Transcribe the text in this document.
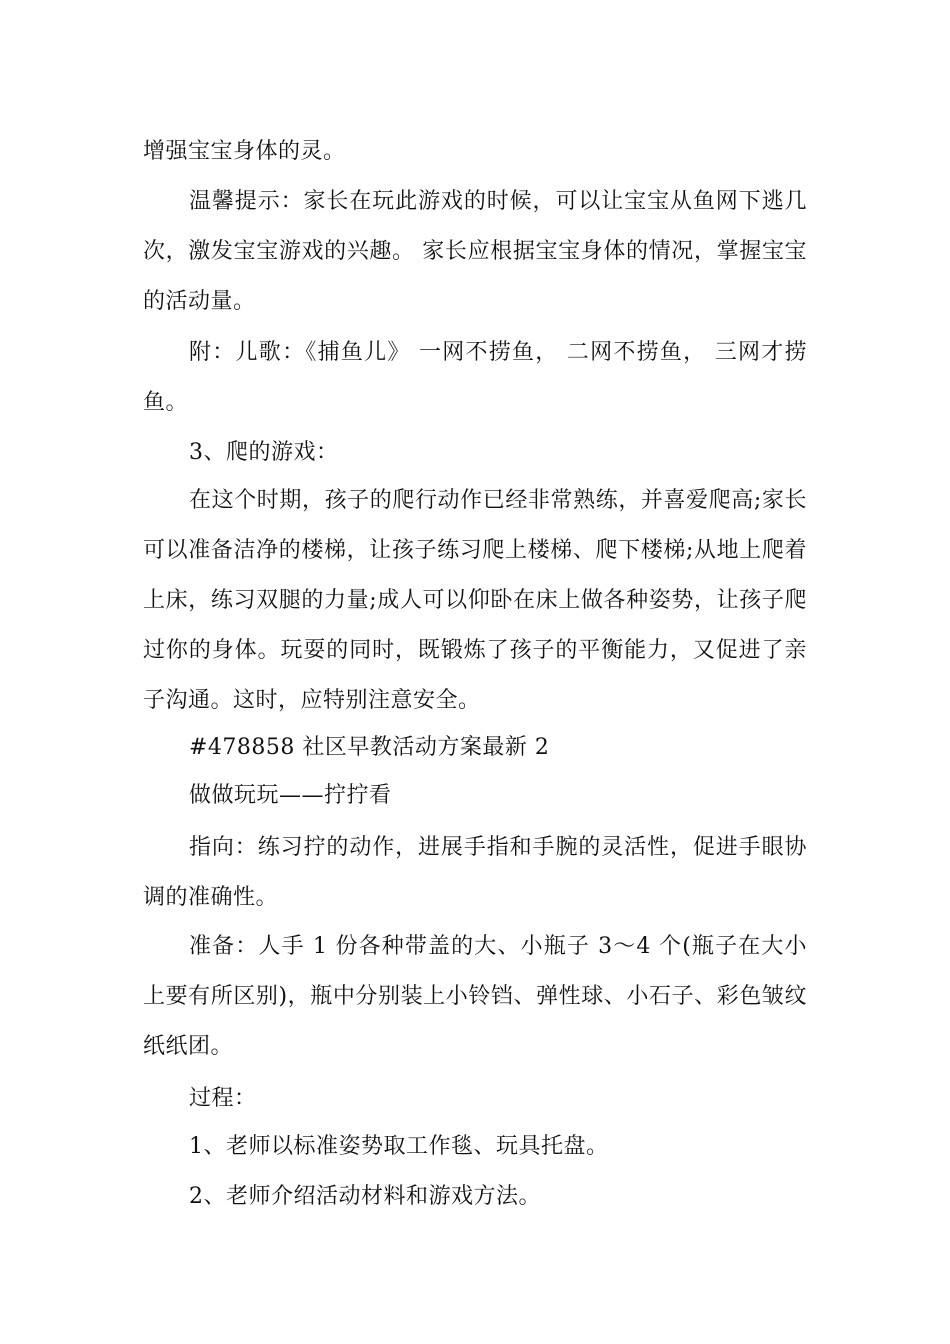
增强宝宝身体的灵。

温馨提示：家长在玩此游戏的时候，可以让宝宝从鱼网下逃几次，激发宝宝游戏的兴趣。 家长应根据宝宝身体的情况，掌握宝宝的活动量。

附：儿歌：《捕鱼儿》 一网不捞鱼， 二网不捞鱼， 三网才捞鱼。

3、爬的游戏：

在这个时期，孩子的爬行动作已经非常熟练，并喜爱爬高;家长可以准备洁净的楼梯，让孩子练习爬上楼梯、爬下楼梯;从地上爬着上床，练习双腿的力量;成人可以仰卧在床上做各种姿势，让孩子爬过你的身体。玩耍的同时，既锻炼了孩子的平衡能力，又促进了亲子沟通。这时，应特别注意安全。

#478858 社区早教活动方案最新 2

做做玩玩——拧拧看

指向：练习拧的动作，进展手指和手腕的灵活性，促进手眼协调的准确性。

准备：人手 1 份各种带盖的大、小瓶子 3～4 个(瓶子在大小上要有所区别)，瓶中分别装上小铃铛、弹性球、小石子、彩色皱纹纸纸团。

过程：

1、老师以标准姿势取工作毯、玩具托盘。

2、老师介绍活动材料和游戏方法。
